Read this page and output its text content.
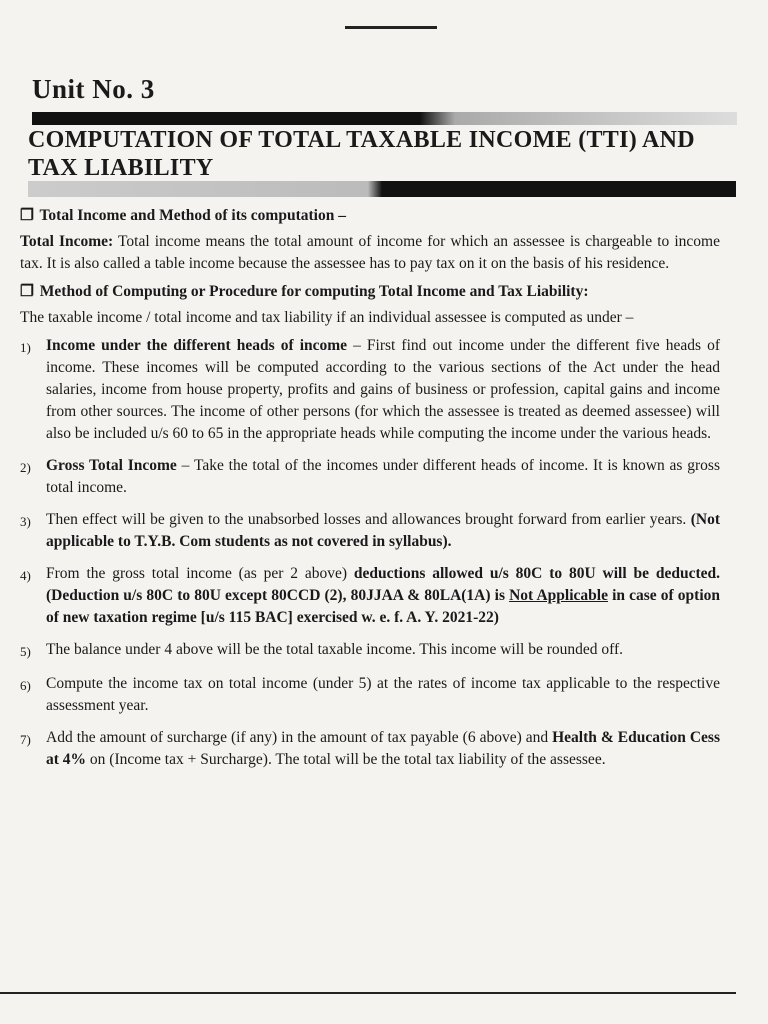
Unit No. 3
COMPUTATION OF TOTAL TAXABLE INCOME (TTI) AND TAX LIABILITY

❐ Total Income and Method of its computation –

Total Income: Total income means the total amount of income for which an assessee is chargeable to income tax. It is also called a table income because the assessee has to pay tax on it on the basis of his residence.

❐ Method of Computing or Procedure for computing Total Income and Tax Liability:

The taxable income / total income and tax liability if an individual assessee is computed as under –

1) Income under the different heads of income – First find out income under the different five heads of income. These incomes will be computed according to the various sections of the Act under the head salaries, income from house property, profits and gains of business or profession, capital gains and income from other sources. The income of other persons (for which the assessee is treated as deemed assessee) will also be included u/s 60 to 65 in the appropriate heads while computing the income under the various heads.
2) Gross Total Income – Take the total of the incomes under different heads of income. It is known as gross total income.
3) Then effect will be given to the unabsorbed losses and allowances brought forward from earlier years. (Not applicable to T.Y.B. Com students as not covered in syllabus).
4) From the gross total income (as per 2 above) deductions allowed u/s 80C to 80U will be deducted. (Deduction u/s 80C to 80U except 80CCD (2), 80JJAA & 80LA(1A) is Not Applicable in case of option of new taxation regime [u/s 115 BAC] exercised w. e. f. A. Y. 2021-22)
5) The balance under 4 above will be the total taxable income. This income will be rounded off.
6) Compute the income tax on total income (under 5) at the rates of income tax applicable to the respective assessment year.
7) Add the amount of surcharge (if any) in the amount of tax payable (6 above) and Health & Education Cess at 4% on (Income tax + Surcharge). The total will be the total tax liability of the assessee.
